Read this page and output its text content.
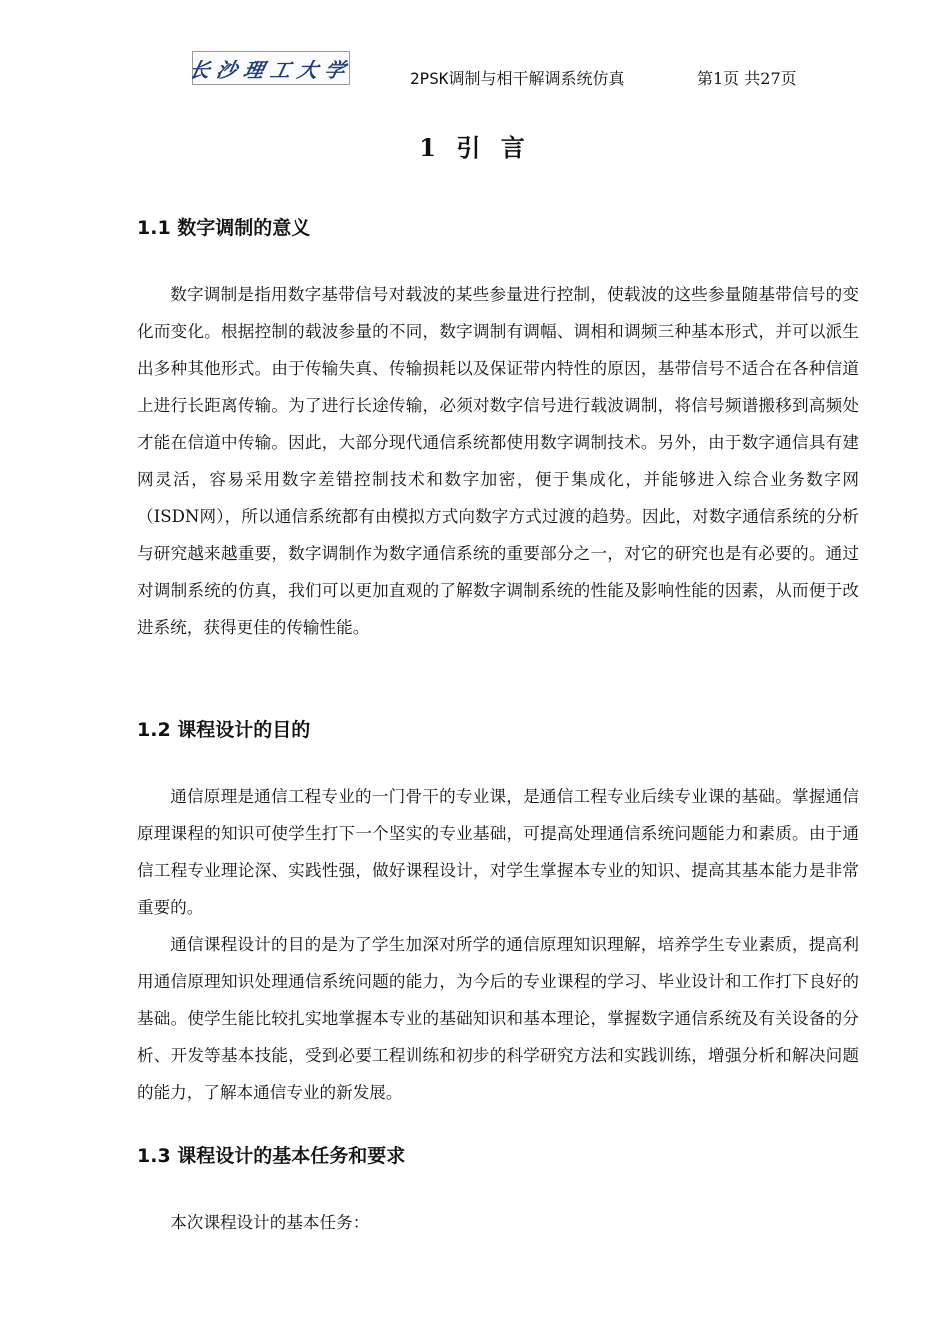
长沙理工大学	2PSK调制与相干解调系统仿真	第1页 共27页
1 引 言
1.1 数字调制的意义

数字调制是指用数字基带信号对载波的某些参量进行控制，使载波的这些参量随基带信号的变化而变化。根据控制的载波参量的不同，数字调制有调幅、调相和调频三种基本形式，并可以派生出多种其他形式。由于传输失真、传输损耗以及保证带内特性的原因，基带信号不适合在各种信道上进行长距离传输。为了进行长途传输，必须对数字信号进行载波调制，将信号频谱搬移到高频处才能在信道中传输。因此，大部分现代通信系统都使用数字调制技术。另外，由于数字通信具有建网灵活，容易采用数字差错控制技术和数字加密，便于集成化，并能够进入综合业务数字网（ISDN网），所以通信系统都有由模拟方式向数字方式过渡的趋势。因此，对数字通信系统的分析与研究越来越重要，数字调制作为数字通信系统的重要部分之一，对它的研究也是有必要的。通过对调制系统的仿真，我们可以更加直观的了解数字调制系统的性能及影响性能的因素，从而便于改进系统，获得更佳的传输性能。

1.2 课程设计的目的

通信原理是通信工程专业的一门骨干的专业课，是通信工程专业后续专业课的基础。掌握通信原理课程的知识可使学生打下一个坚实的专业基础，可提高处理通信系统问题能力和素质。由于通信工程专业理论深、实践性强，做好课程设计，对学生掌握本专业的知识、提高其基本能力是非常重要的。

通信课程设计的目的是为了学生加深对所学的通信原理知识理解，培养学生专业素质，提高利用通信原理知识处理通信系统问题的能力，为今后的专业课程的学习、毕业设计和工作打下良好的基础。使学生能比较扎实地掌握本专业的基础知识和基本理论，掌握数字通信系统及有关设备的分析、开发等基本技能，受到必要工程训练和初步的科学研究方法和实践训练，增强分析和解决问题的能力，了解本通信专业的新发展。

1.3 课程设计的基本任务和要求

本次课程设计的基本任务：
